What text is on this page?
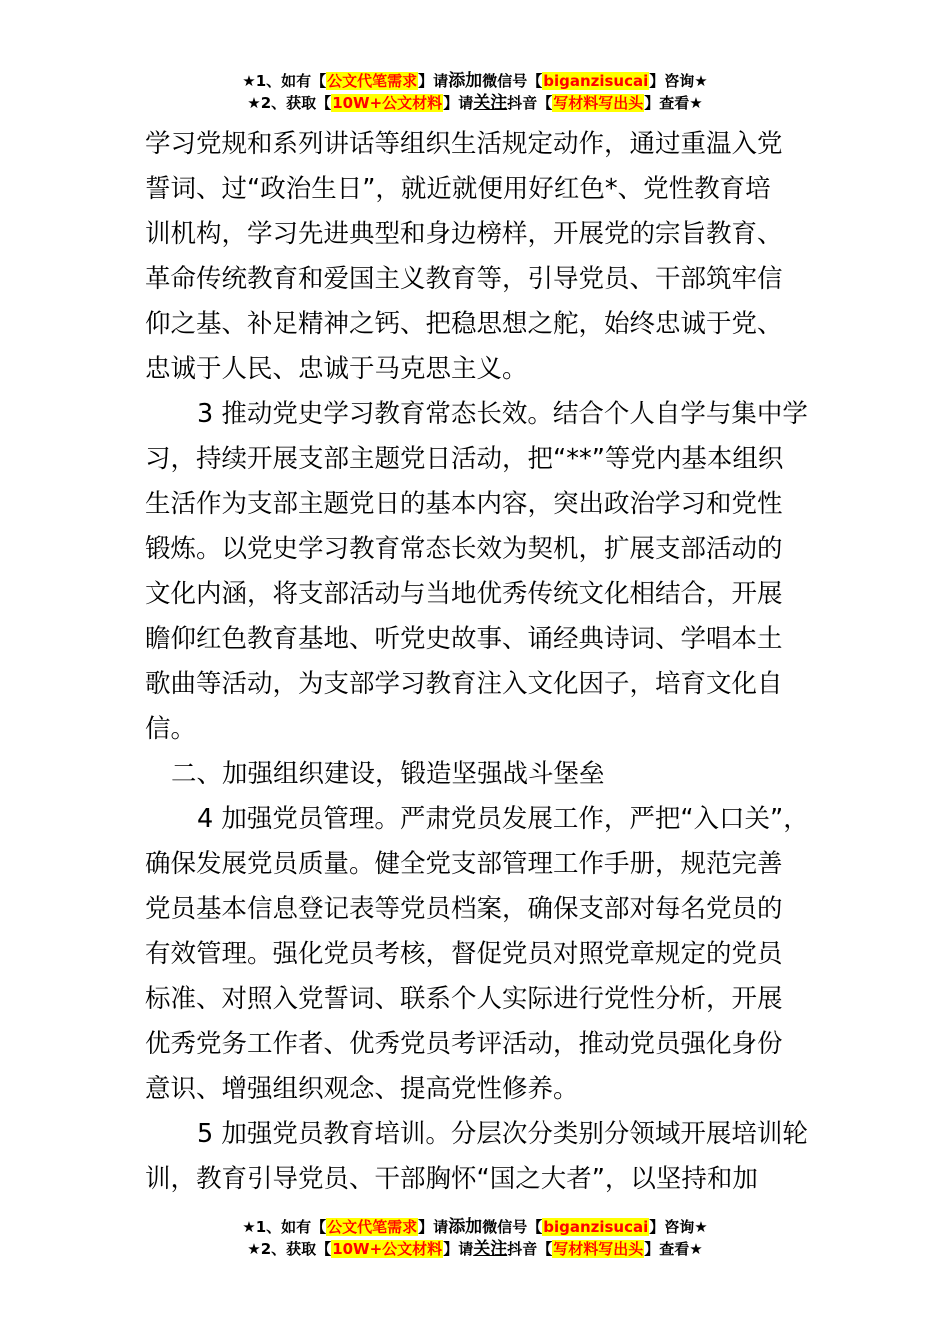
★1、如有【公文代笔需求】请添加微信号【biganzisucai】咨询★
★2、获取【10W+公文材料】请关注抖音【写材料写出头】查看★

学习党规和系列讲话等组织生活规定动作，通过重温入党
誓词、过“政治生日”，就近就便用好红色*、党性教育培
训机构，学习先进典型和身边榜样，开展党的宗旨教育、
革命传统教育和爱国主义教育等，引导党员、干部筑牢信
仰之基、补足精神之钙、把稳思想之舵，始终忠诚于党、
忠诚于人民、忠诚于马克思主义。

3 推动党史学习教育常态长效。结合个人自学与集中学
习，持续开展支部主题党日活动，把“**”等党内基本组织
生活作为支部主题党日的基本内容，突出政治学习和党性
锻炼。以党史学习教育常态长效为契机，扩展支部活动的
文化内涵，将支部活动与当地优秀传统文化相结合，开展
瞻仰红色教育基地、听党史故事、诵经典诗词、学唱本土
歌曲等活动，为支部学习教育注入文化因子，培育文化自
信。

二、加强组织建设，锻造坚强战斗堡垒

4 加强党员管理。严肃党员发展工作，严把“入口关”，
确保发展党员质量。健全党支部管理工作手册，规范完善
党员基本信息登记表等党员档案，确保支部对每名党员的
有效管理。强化党员考核，督促党员对照党章规定的党员
标准、对照入党誓词、联系个人实际进行党性分析，开展
优秀党务工作者、优秀党员考评活动，推动党员强化身份
意识、增强组织观念、提高党性修养。

5 加强党员教育培训。分层次分类别分领域开展培训轮
训，教育引导党员、干部胸怀“国之大者”，以坚持和加

★1、如有【公文代笔需求】请添加微信号【biganzisucai】咨询★
★2、获取【10W+公文材料】请关注抖音【写材料写出头】查看★
